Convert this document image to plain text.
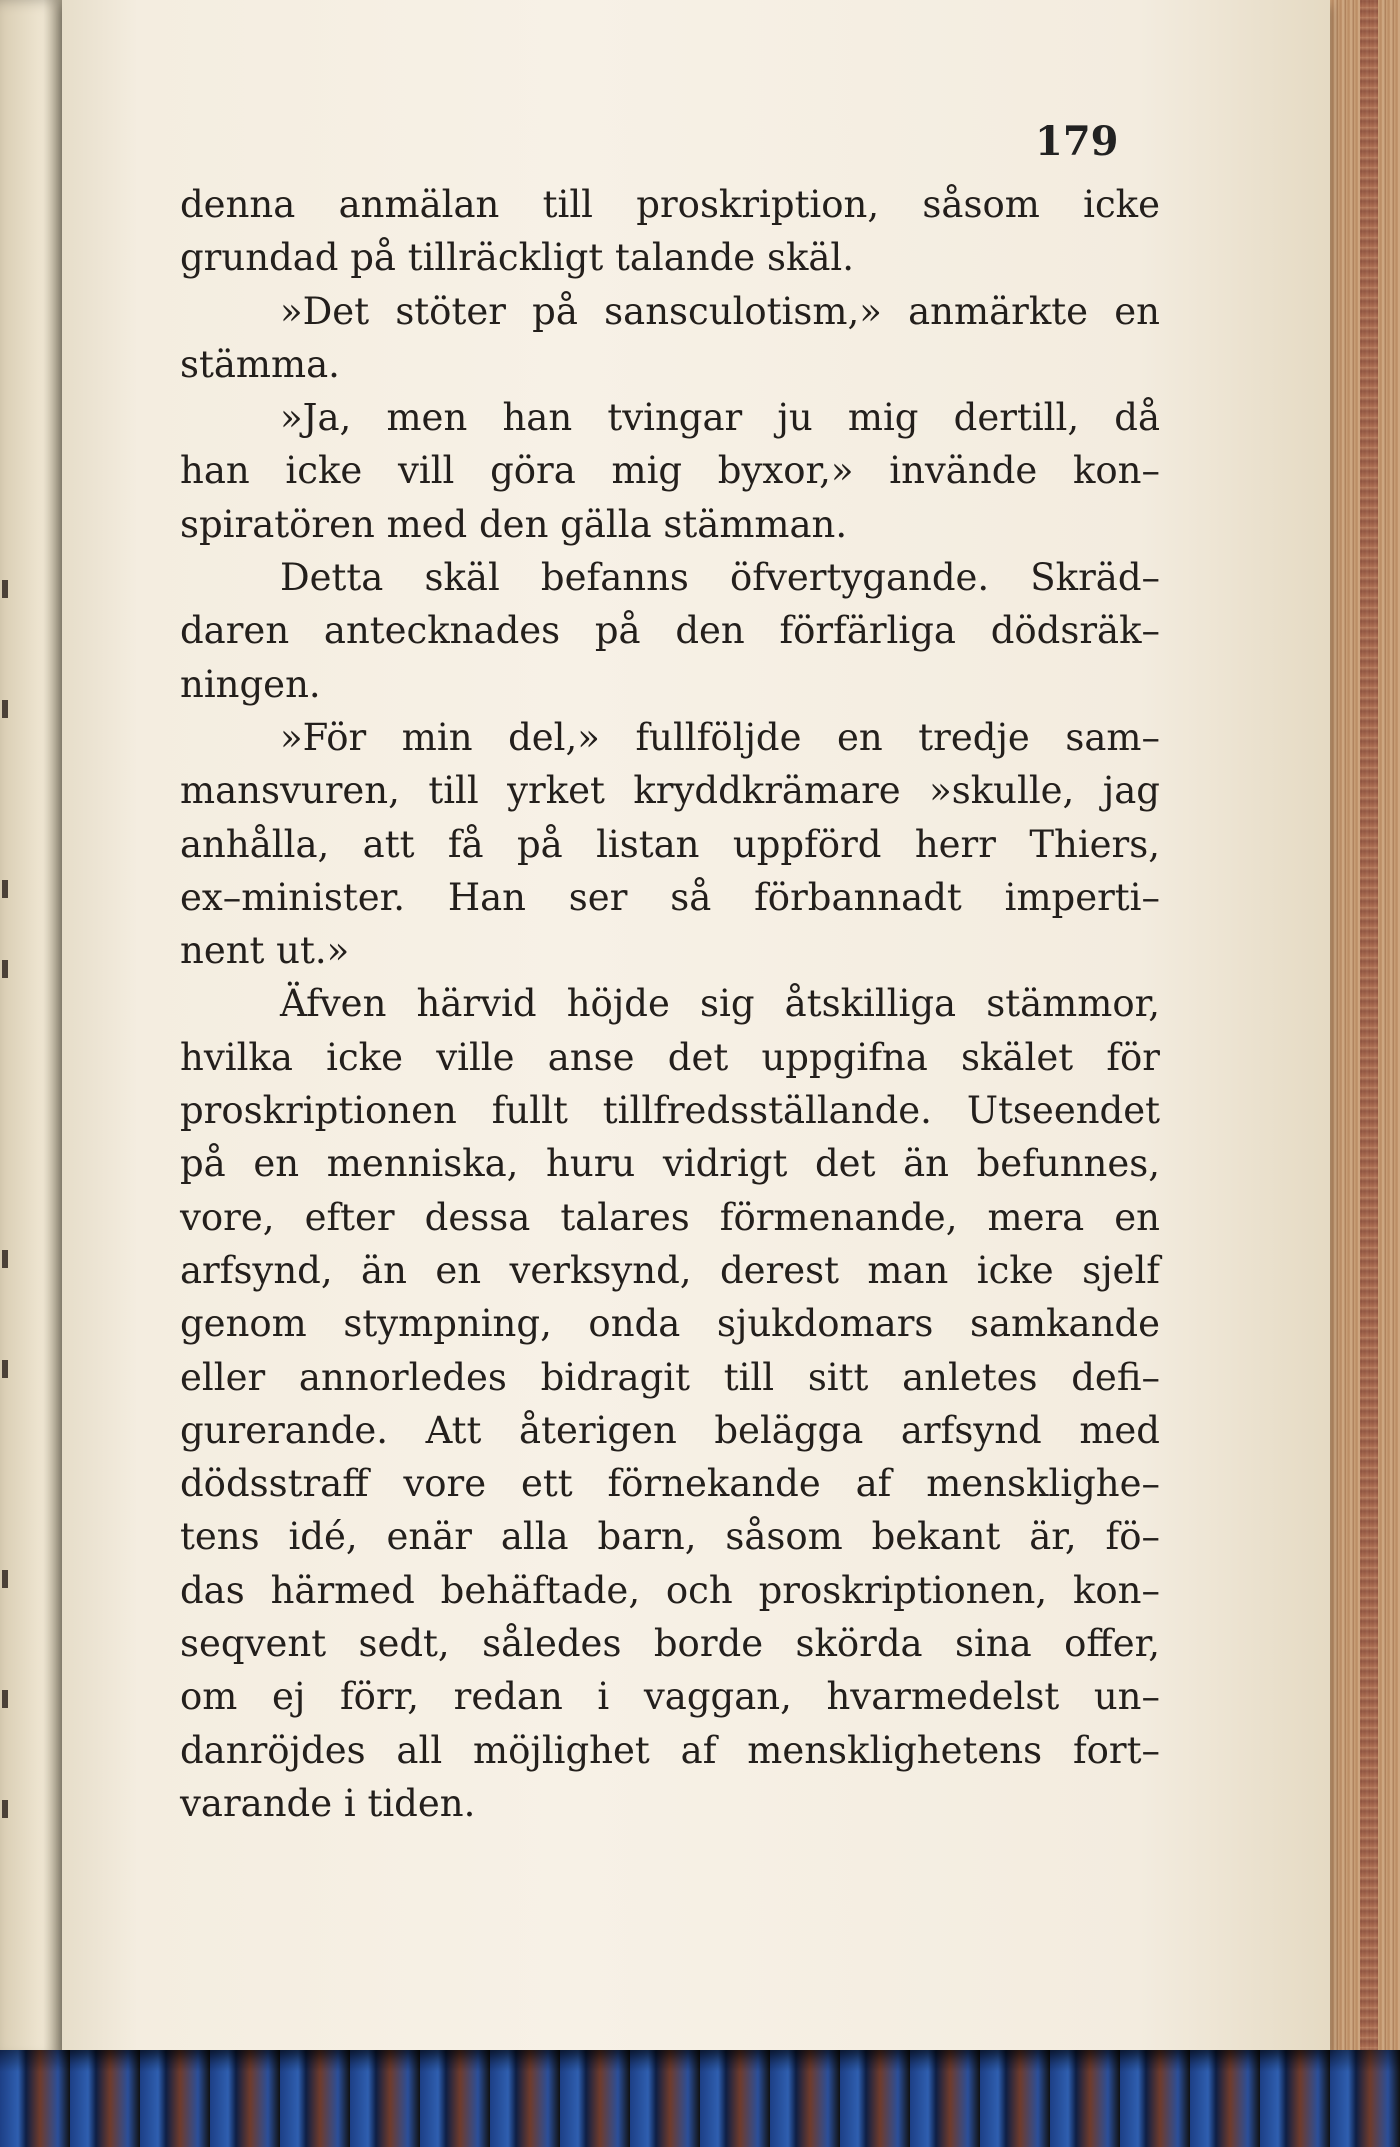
179
denna anmälan till proskription, såsom icke
grundad på tillräckligt talande skäl.
»Det stöter på sansculotism,» anmärkte en
stämma.
»Ja, men han tvingar ju mig dertill, då
han icke vill göra mig byxor,» invände kon–
spiratören med den gälla stämman.
Detta skäl befanns öfvertygande. Skräd–
daren antecknades på den förfärliga dödsräk–
ningen.
»För min del,» fullföljde en tredje sam–
mansvuren, till yrket kryddkrämare »skulle, jag
anhålla, att få på listan uppförd herr Thiers,
ex–minister. Han ser så förbannadt imperti–
nent ut.»
Äfven härvid höjde sig åtskilliga stämmor,
hvilka icke ville anse det uppgifna skälet för
proskriptionen fullt tillfredsställande. Utseendet
på en menniska, huru vidrigt det än befunnes,
vore, efter dessa talares förmenande, mera en
arfsynd, än en verksynd, derest man icke sjelf
genom stympning, onda sjukdomars samkande
eller annorledes bidragit till sitt anletes defi–
gurerande. Att återigen belägga arfsynd med
dödsstraff vore ett förnekande af mensklighe–
tens idé, enär alla barn, såsom bekant är, fö–
das härmed behäftade, och proskriptionen, kon–
seqvent sedt, således borde skörda sina offer,
om ej förr, redan i vaggan, hvarmedelst un–
danröjdes all möjlighet af mensklighetens fort–
varande i tiden.
